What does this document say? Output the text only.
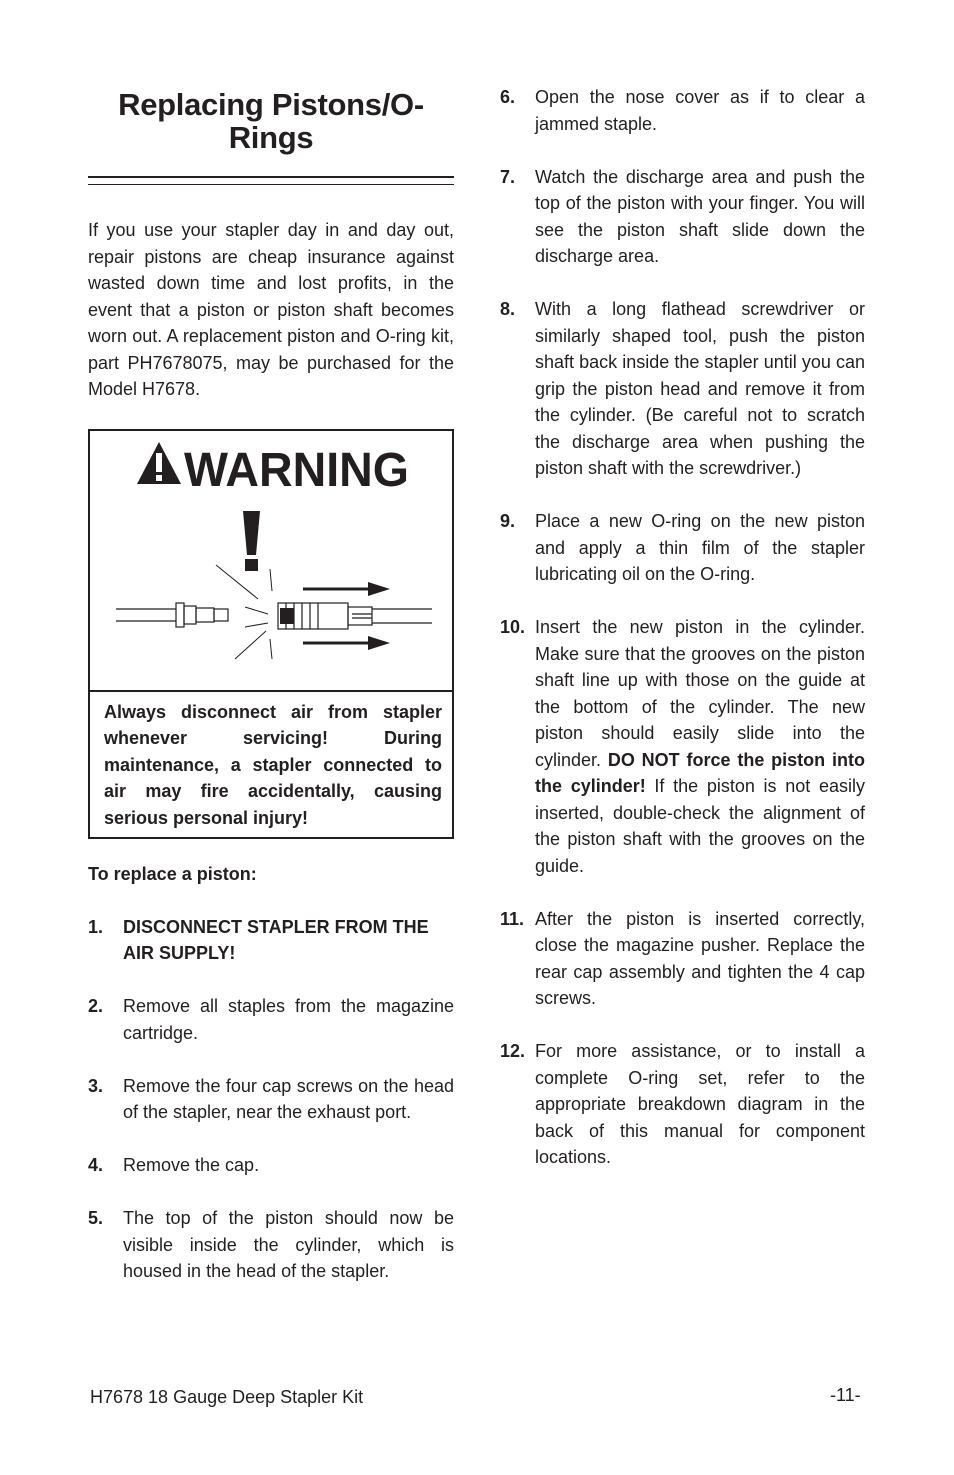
Replacing Pistons/O-Rings

If you use your stapler day in and day out, repair pistons are cheap insurance against wasted down time and lost profits, in the event that a piston or piston shaft becomes worn out. A replacement piston and O-ring kit, part PH7678075, may be purchased for the Model H7678.

WARNING

Always disconnect air from stapler whenever servicing! During maintenance, a stapler connected to air may fire accidentally, causing serious personal injury!

To replace a piston:

1.	DISCONNECT STAPLER FROM THE AIR SUPPLY!
2.	Remove all staples from the magazine cartridge.
3.	Remove the four cap screws on the head of the stapler, near the exhaust port.
4.	Remove the cap.
5.	The top of the piston should now be visible inside the cylinder, which is housed in the head of the stapler.
6.	Open the nose cover as if to clear a jammed staple.
7.	Watch the discharge area and push the top of the piston with your finger. You will see the piston shaft slide down the discharge area.
8.	With a long flathead screwdriver or similarly shaped tool, push the piston shaft back inside the stapler until you can grip the piston head and remove it from the cylinder. (Be careful not to scratch the discharge area when pushing the piston shaft with the screwdriver.)
9.	Place a new O-ring on the new piston and apply a thin film of the stapler lubricating oil on the O-ring.
10. Insert the new piston in the cylinder. Make sure that the grooves on the piston shaft line up with those on the guide at the bottom of the cylinder. The new piston should easily slide into the cylinder. DO NOT force the piston into the cylinder! If the piston is not easily inserted, double-check the alignment of the piston shaft with the grooves on the guide.
11. After the piston is inserted correctly, close the magazine pusher. Replace the rear cap assembly and tighten the 4 cap screws.
12. For more assistance, or to install a complete O-ring set, refer to the appropriate breakdown diagram in the back of this manual for component locations.
H7678 18 Gauge Deep Stapler Kit	-11-
